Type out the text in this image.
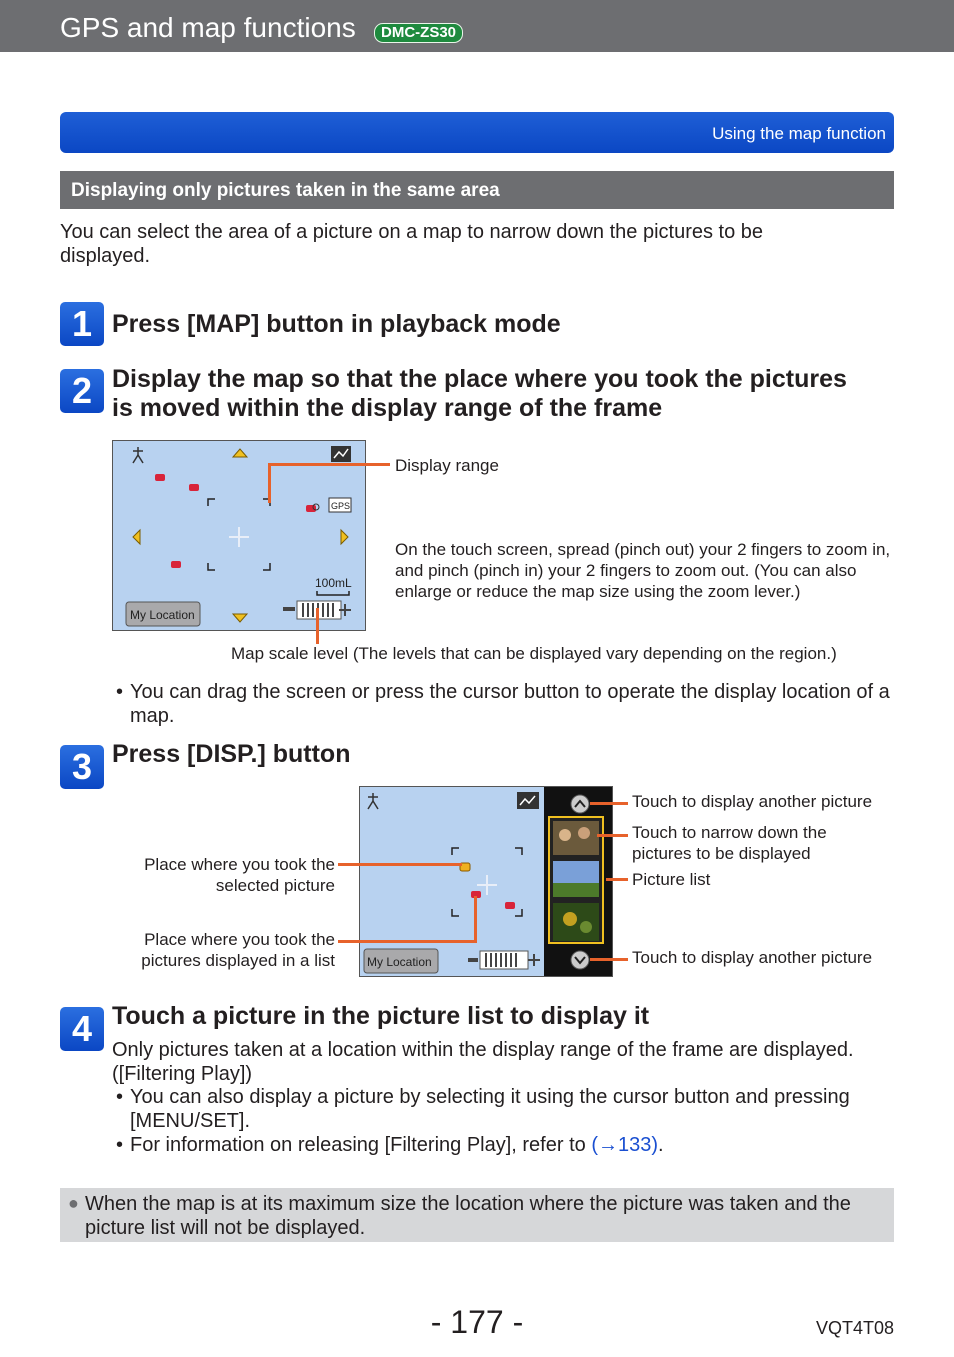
GPS and map functions	DMC-ZS30
Using the map function
Displaying only pictures taken in the same area
You can select the area of a picture on a map to narrow down the pictures to be displayed.
1 Press [MAP] button in playback mode
2 Display the map so that the place where you took the pictures
is moved within the display range of the frame
GPS
100mL
My Location
Display range
On the touch screen, spread (pinch out) your 2 fingers to zoom in, and pinch (pinch in) your 2 fingers to zoom out. (You can also enlarge or reduce the map size using the zoom lever.)
Map scale level (The levels that can be displayed vary depending on the region.)
• You can drag the screen or press the cursor button to operate the display location of a map.
3 Press [DISP.] button
My Location
Place where you took the
selected picture
Place where you took the
pictures displayed in a list
Touch to display another picture
Touch to narrow down the
pictures to be displayed
Picture list
Touch to display another picture
4 Touch a picture in the picture list to display it
Only pictures taken at a location within the display range of the frame are displayed.
([Filtering Play])
• You can also display a picture by selecting it using the cursor button and pressing [MENU/SET].
• For information on releasing [Filtering Play], refer to (→133).
● When the map is at its maximum size the location where the picture was taken and the picture list will not be displayed.
- 177 -	VQT4T08
